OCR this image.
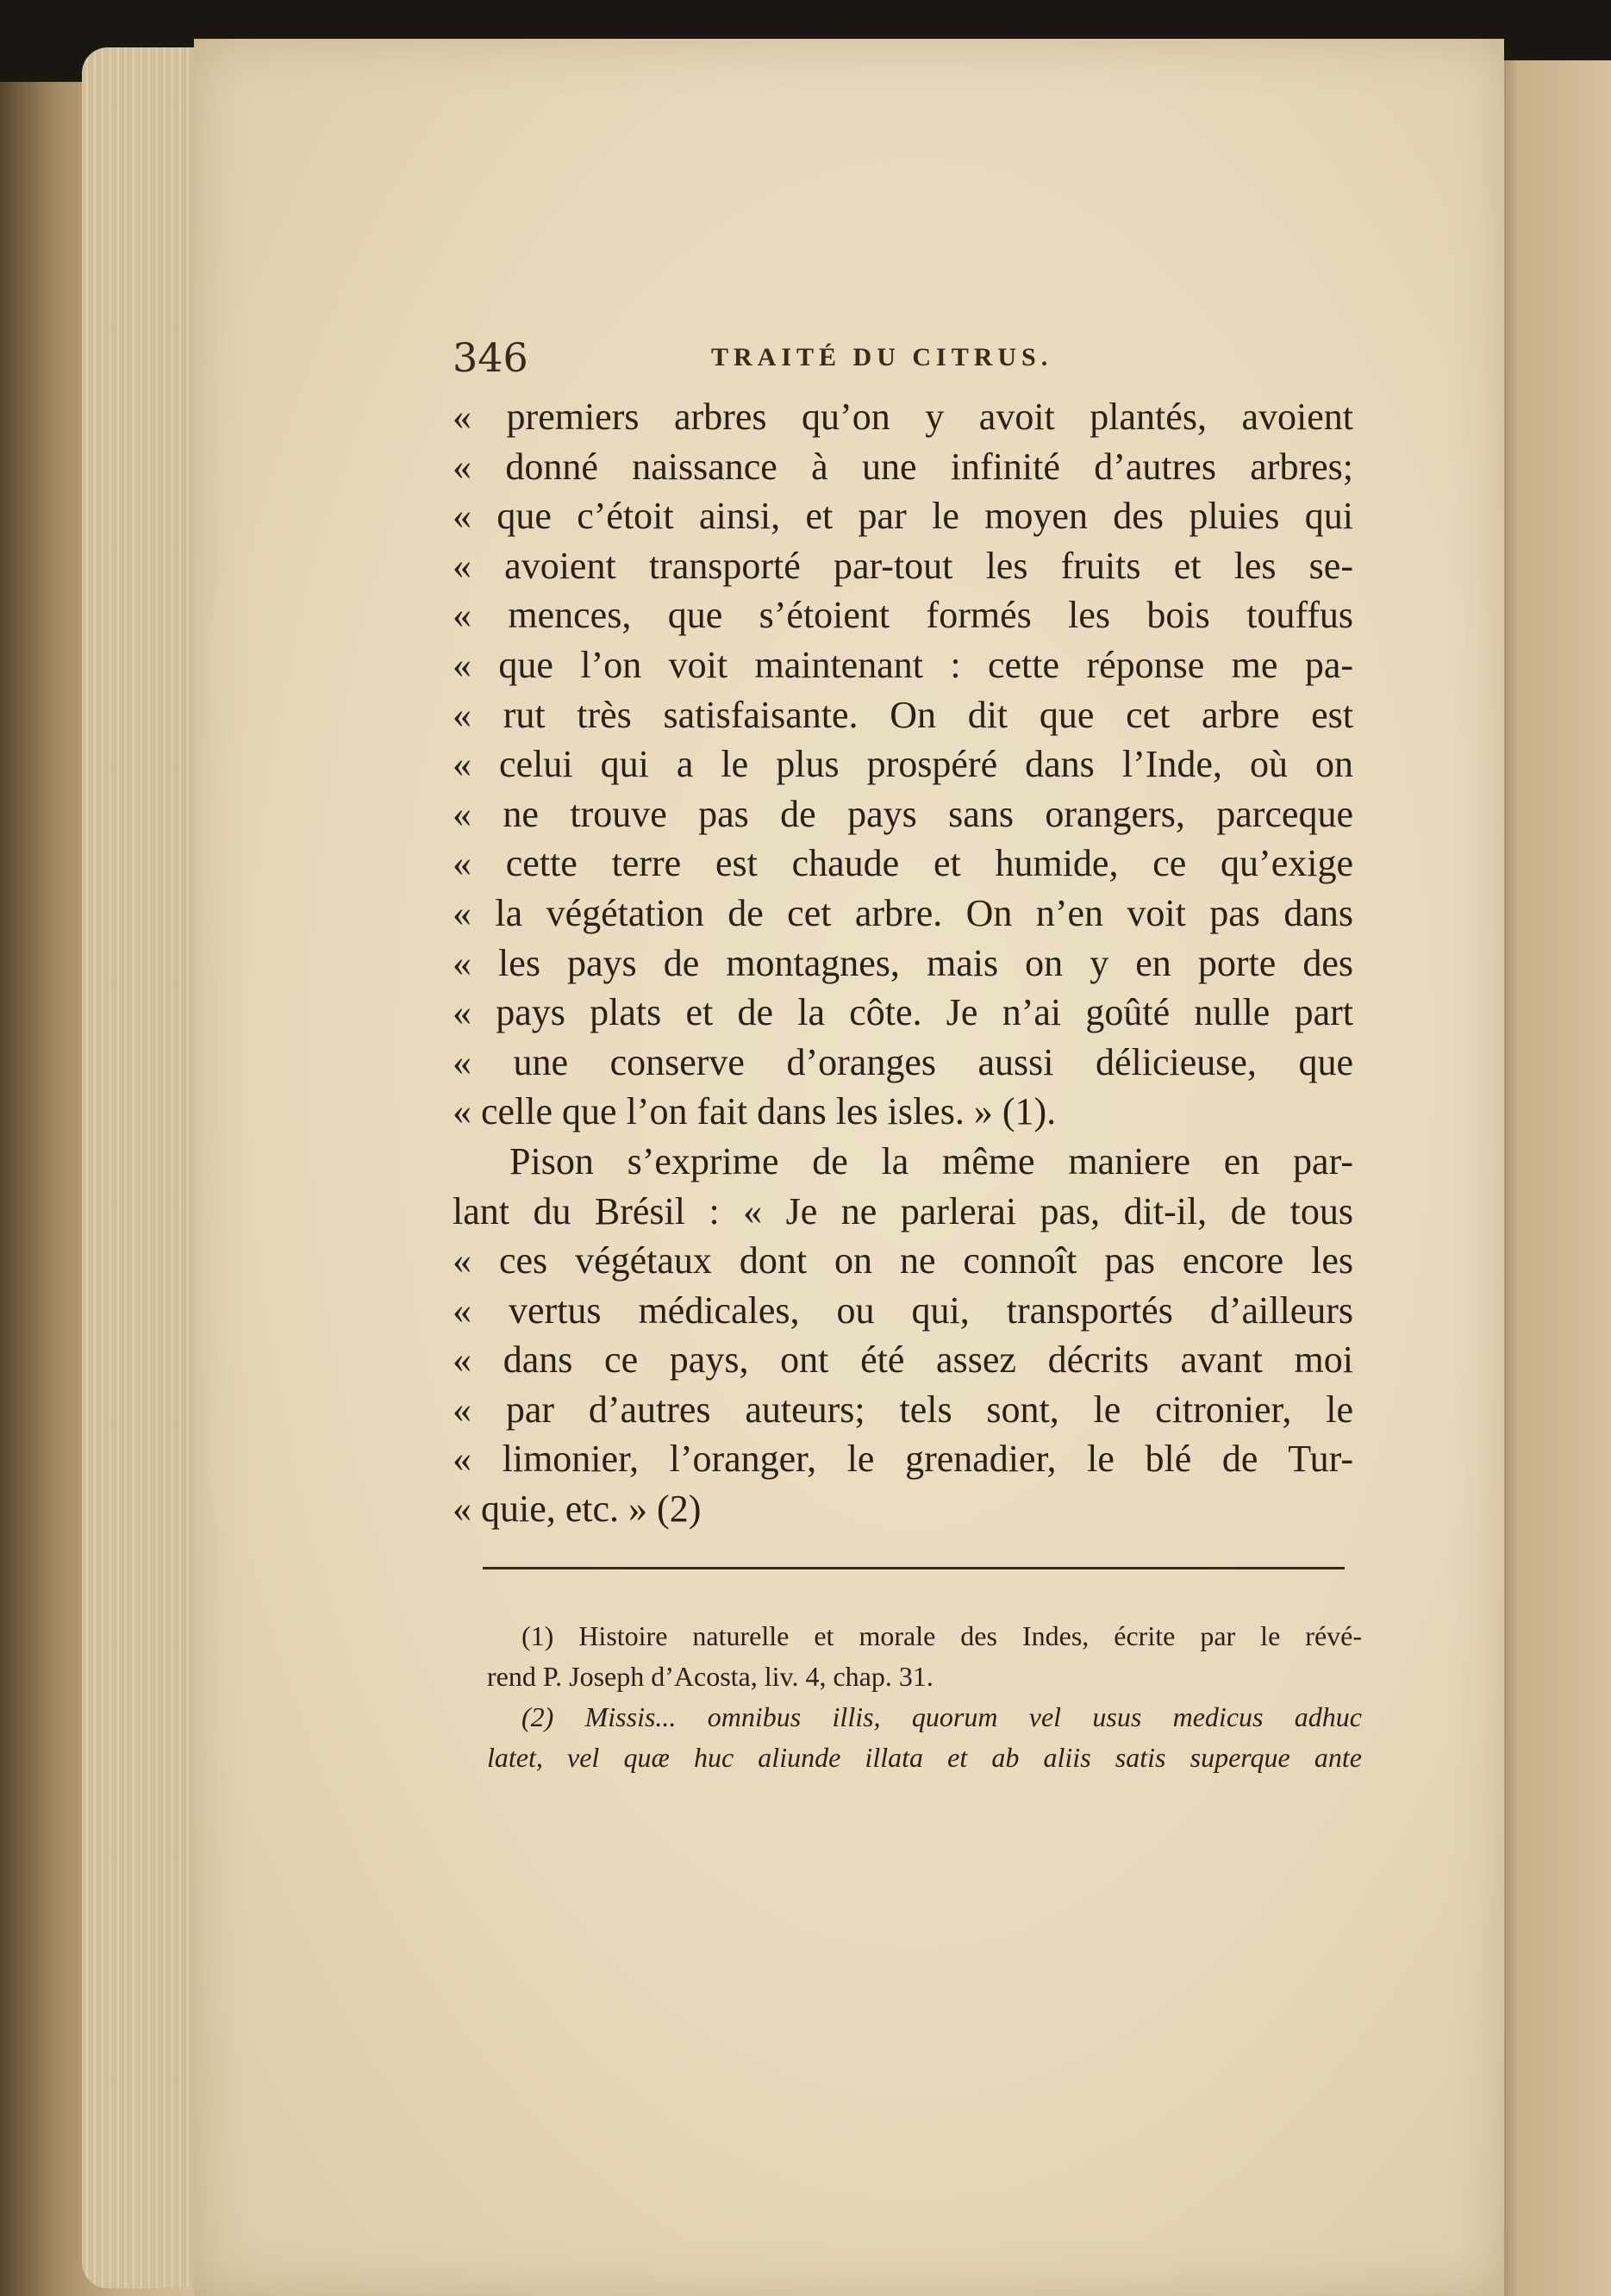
346	TRAITÉ DU CITRUS.
« premiers arbres qu’on y avoit plantés, avoient
« donné naissance à une infinité d’autres arbres;
« que c’étoit ainsi, et par le moyen des pluies qui
« avoient transporté par-tout les fruits et les se-
« mences, que s’étoient formés les bois touffus
« que l’on voit maintenant : cette réponse me pa-
« rut très satisfaisante. On dit que cet arbre est
« celui qui a le plus prospéré dans l’Inde, où on
« ne trouve pas de pays sans orangers, parceque
« cette terre est chaude et humide, ce qu’exige
« la végétation de cet arbre. On n’en voit pas dans
« les pays de montagnes, mais on y en porte des
« pays plats et de la côte. Je n’ai goûté nulle part
« une conserve d’oranges aussi délicieuse, que
« celle que l’on fait dans les isles. » (1).
Pison s’exprime de la même maniere en par-
lant du Brésil : « Je ne parlerai pas, dit-il, de tous
« ces végétaux dont on ne connoît pas encore les
« vertus médicales, ou qui, transportés d’ailleurs
« dans ce pays, ont été assez décrits avant moi
« par d’autres auteurs; tels sont, le citronier, le
« limonier, l’oranger, le grenadier, le blé de Tur-
« quie, etc. » (2)
(1) Histoire naturelle et morale des Indes, écrite par le révé-
rend P. Joseph d’Acosta, liv. 4, chap. 31.
(2) Missis... omnibus illis, quorum vel usus medicus adhuc
latet, vel quæ huc aliunde illata et ab aliis satis superque ante
